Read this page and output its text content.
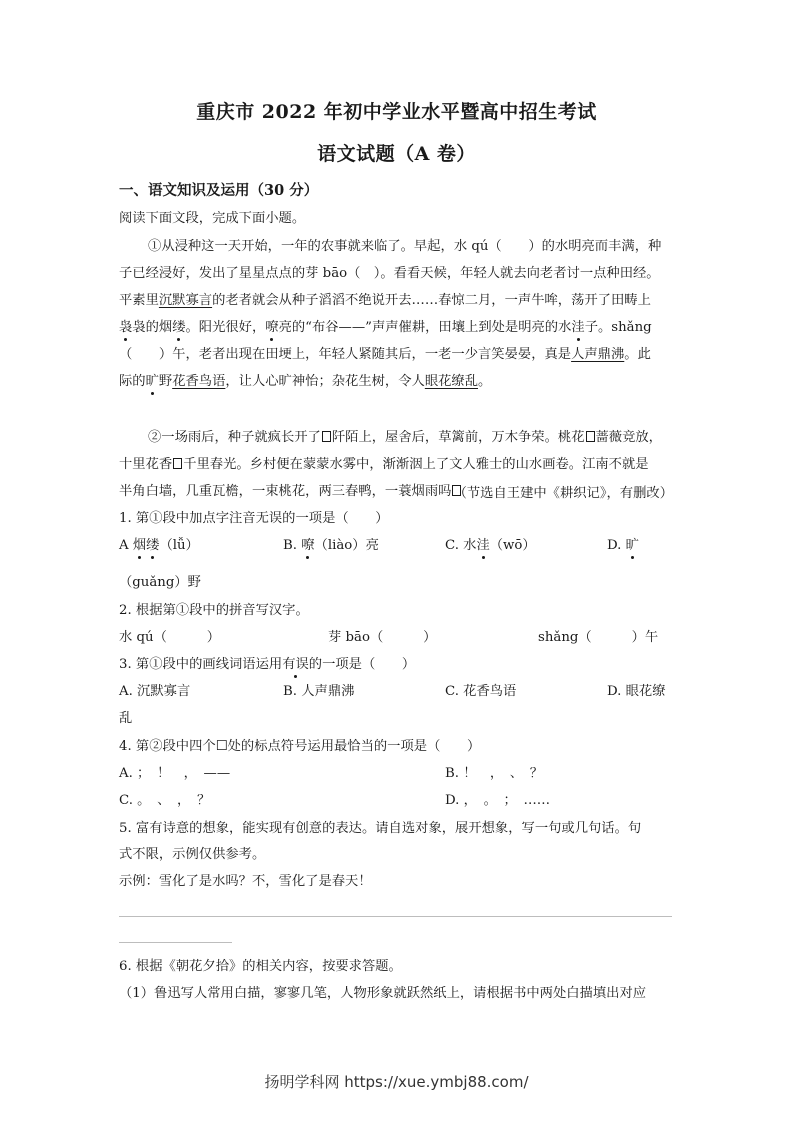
重庆市 2022 年初中学业水平暨高中招生考试
语文试题（A 卷）
一、语文知识及运用（30 分）
阅读下面文段，完成下面小题。
①从浸种这一天开始，一年的农事就来临了。早起，水 qú（　　）的水明亮而丰满，种
子已经浸好，发出了星星点点的芽 bāo（　）。看看天候，年轻人就去向老者讨一点种田经。
平素里沉默寡言的老者就会从种子滔滔不绝说开去……春惊二月，一声牛哞，荡开了田畴上
袅袅的烟缕。阳光很好，嘹亮的“布谷——”声声催耕，田壤上到处是明亮的水洼子。shǎng
（　　）午，老者出现在田埂上，年轻人紧随其后，一老一少言笑晏晏，真是人声鼎沸。此
际的旷野花香鸟语，让人心旷神怡；杂花生树，令人眼花缭乱。
②一场雨后，种子就疯长开了 阡陌上，屋舍后，草篱前，万木争荣。桃花 蔷薇竞放，
十里花香 千里春光。乡村便在蒙蒙水雾中，渐渐洇上了文人雅士的山水画卷。江南不就是
半角白墙，几重瓦檐，一束桃花，两三春鸭，一蓑烟雨吗 （节选自王建中《耕织记》，有删改）
1. 第①段中加点字注音无误的一项是（　　）
A 烟缕（lǚ）	B. 嘹（liào）亮	C. 水洼（wō）	D. 旷
（guǎng）野
2. 根据第①段中的拼音写汉字。
水 qú（　　　）	芽 bāo（　　　）	shǎng（　　　）午
3. 第①段中的画线词语运用有误的一项是（　　）
A. 沉默寡言	B. 人声鼎沸	C. 花香鸟语	D. 眼花缭
乱
4. 第②段中四个☐处的标点符号运用最恰当的一项是（　　）
A. ；　！　，　——	B. ！　，　、　？
C. 。　、　，　？	D. ，　。　；　……
5. 富有诗意的想象，能实现有创意的表达。请自选对象，展开想象，写一句或几句话。句
式不限，示例仅供参考。
示例：雪化了是水吗？不，雪化了是春天！
6. 根据《朝花夕拾》的相关内容，按要求答题。
（1）鲁迅写人常用白描，寥寥几笔，人物形象就跃然纸上，请根据书中两处白描填出对应
扬明学科网 https://xue.ymbj88.com/
